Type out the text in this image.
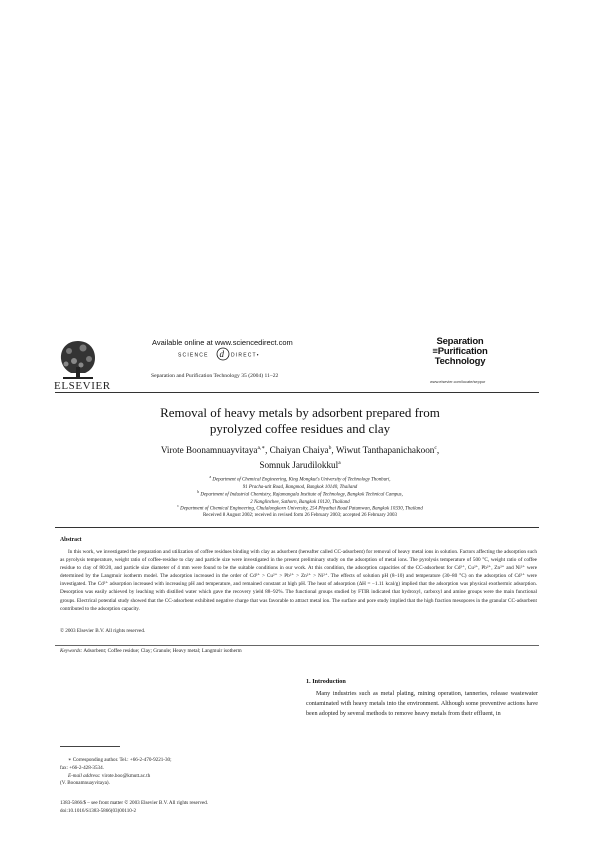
ELSEVIER
Available online at www.sciencedirect.com
SCIENCE d DIRECT•
Separation and Purification Technology 35 (2004) 11–22
Separation
≡Purification
Technology
www.elsevier.com/locate/seppur
Removal of heavy metals by adsorbent prepared from
pyrolyzed coffee residues and clay
Virote Boonamnuayvitaya$^{a,∗}$, Chaiyan Chaiya$^b$, Wiwut Tanthapanichakoon$^c$,
Somnuk Jarudilokkul$^a$
$^a$ Department of Chemical Engineering, King Mongkut's University of Technology Thonburi,
91 Pracha-utit Road, Bangmod, Bangkok 10140, Thailand
$^b$ Department of Industrial Chemistry, Rajamangala Institute of Technology, Bangkok Technical Campus,
2 Nanglinchee, Sathorn, Bangkok 10120, Thailand
$^c$ Department of Chemical Engineering, Chulalongkorn University, 254 Phyathai Road Patumwan, Bangkok 10330, Thailand
Received 8 August 2002; received in revised form 26 February 2003; accepted 26 February 2003
Abstract
In this work, we investigated the preparation and utilization of coffee residues binding with clay as adsorbent (hereafter called CC-adsorbent) for removal of heavy metal ions in solution. Factors affecting the adsorption such as pyrolysis temperature, weight ratio of coffee-residue to clay and particle size were investigated in the present preliminary study on the adsorption of metal ions. The pyrolysis temperature of 500 °C, weight ratio of coffee residue to clay of 80:20, and particle size diameter of 4 mm were found to be the suitable conditions in our work. At this condition, the adsorption capacities of the CC-adsorbent for Cd²⁺, Cu²⁺, Pb²⁺, Zn²⁺ and Ni²⁺ were determined by the Langmuir isotherm model. The adsorption increased in the order of Cd²⁺ > Cu²⁺ > Pb²⁺ > Zn²⁺ > Ni²⁺. The effects of solution pH (8–10) and temperature (30–80 °C) on the adsorption of Cd²⁺ were investigated. The Cd²⁺ adsorption increased with increasing pH and temperature, and remained constant at high pH. The heat of adsorption (ΔH = −1.11 kcal/g) implied that the adsorption was physical exothermic adsorption. Desorption was easily achieved by leaching with distilled water which gave the recovery yield 88–92%. The functional groups studied by FTIR indicated that hydroxyl, carboxyl and amine groups were the main functional groups. Electrical potential study showed that the CC-adsorbent exhibited negative charge that was favorable to attract metal ion. The surface and pore study implied that the high fraction mesopores in the granular CC-adsorbent contributed to the adsorption capacity.
© 2003 Elsevier B.V. All rights reserved.
Keywords: Adsorbent; Coffee residue; Clay; Granule; Heavy metal; Langmuir isotherm
1. Introduction
Many industries such as metal plating, mining operation, tanneries, release wastewater contaminated with heavy metals into the environment. Although some preventive actions have been adopted by several methods to remove heavy metals from their effluent, in
∗ Corresponding author. Tel.: +66-2-470-9221-30;
fax: +66-2-428-3534.
E-mail address: virote.boo@kmutt.ac.th
(V. Boonamnuayvitaya).
1383-5866/$ – see front matter © 2003 Elsevier B.V. All rights reserved.
doi:10.1016/S1383-5866(03)00110-2
